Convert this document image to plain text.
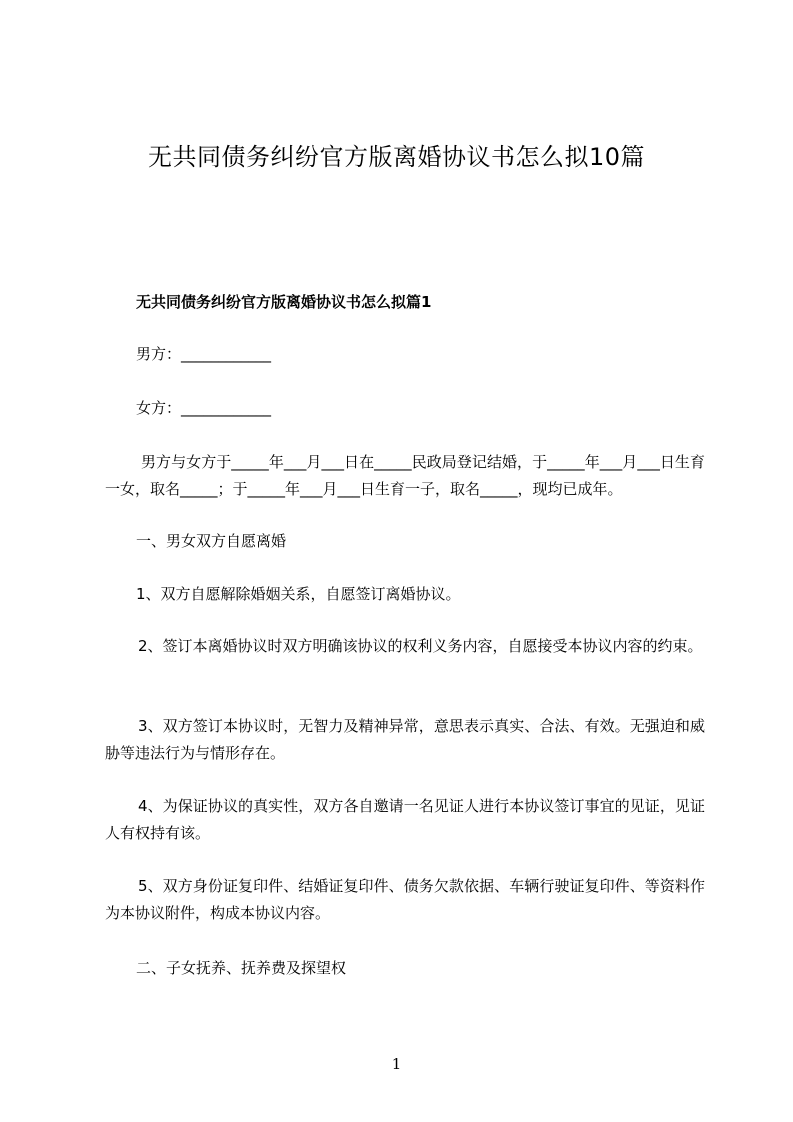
无共同债务纠纷官方版离婚协议书怎么拟10篇
无共同债务纠纷官方版离婚协议书怎么拟篇1
男方：____________
女方：____________
男方与女方于_____年___月___日在_____民政局登记结婚，于_____年___月___日生育一女，取名_____；于_____年___月___日生育一子，取名_____，现均已成年。
一、男女双方自愿离婚
1、双方自愿解除婚姻关系，自愿签订离婚协议。
2、签订本离婚协议时双方明确该协议的权利义务内容，自愿接受本协议内容的约束。
3、双方签订本协议时，无智力及精神异常，意思表示真实、合法、有效。无强迫和威胁等违法行为与情形存在。
4、为保证协议的真实性，双方各自邀请一名见证人进行本协议签订事宜的见证，见证人有权持有该。
5、双方身份证复印件、结婚证复印件、债务欠款依据、车辆行驶证复印件、等资料作为本协议附件，构成本协议内容。
二、子女抚养、抚养费及探望权
1
